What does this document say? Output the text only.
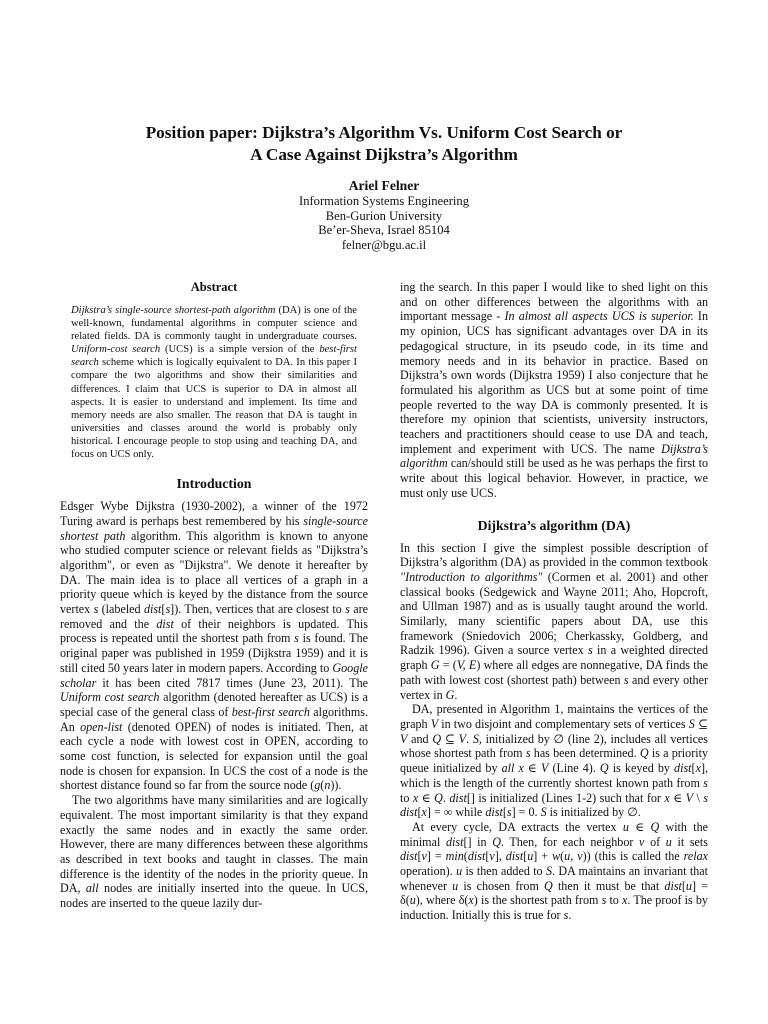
Position paper: Dijkstra’s Algorithm Vs. Uniform Cost Search or
A Case Against Dijkstra’s Algorithm
Ariel Felner
Information Systems Engineering
Ben-Gurion University
Be’er-Sheva, Israel 85104
felner@bgu.ac.il
Abstract

Dijkstra’s single-source shortest-path algorithm (DA) is one of the well-known, fundamental algorithms in computer science and related fields. DA is commonly taught in undergraduate courses. Uniform-cost search (UCS) is a simple version of the best-first search scheme which is logically equivalent to DA. In this paper I compare the two algorithms and show their similarities and differences. I claim that UCS is superior to DA in almost all aspects. It is easier to understand and implement. Its time and memory needs are also smaller. The reason that DA is taught in universities and classes around the world is probably only historical. I encourage people to stop using and teaching DA, and focus on UCS only.

Introduction

Edsger Wybe Dijkstra (1930-2002), a winner of the 1972 Turing award is perhaps best remembered by his single-source shortest path algorithm. This algorithm is known to anyone who studied computer science or relevant fields as "Dijkstra’s algorithm", or even as "Dijkstra". We denote it hereafter by DA. The main idea is to place all vertices of a graph in a priority queue which is keyed by the distance from the source vertex s (labeled dist[s]). Then, vertices that are closest to s are removed and the dist of their neighbors is updated. This process is repeated until the shortest path from s is found. The original paper was published in 1959 (Dijkstra 1959) and it is still cited 50 years later in modern papers. According to Google scholar it has been cited 7817 times (June 23, 2011). The Uniform cost search algorithm (denoted hereafter as UCS) is a special case of the general class of best-first search algorithms. An open-list (denoted OPEN) of nodes is initiated. Then, at each cycle a node with lowest cost in OPEN, according to some cost function, is selected for expansion until the goal node is chosen for expansion. In UCS the cost of a node is the shortest distance found so far from the source node (g(n)).

The two algorithms have many similarities and are logically equivalent. The most important similarity is that they expand exactly the same nodes and in exactly the same order. However, there are many differences between these algorithms as described in text books and taught in classes. The main difference is the identity of the nodes in the priority queue. In DA, all nodes are initially inserted into the queue. In UCS, nodes are inserted to the queue lazily dur-

ing the search. In this paper I would like to shed light on this and on other differences between the algorithms with an important message - In almost all aspects UCS is superior. In my opinion, UCS has significant advantages over DA in its pedagogical structure, in its pseudo code, in its time and memory needs and in its behavior in practice. Based on Dijkstra’s own words (Dijkstra 1959) I also conjecture that he formulated his algorithm as UCS but at some point of time people reverted to the way DA is commonly presented. It is therefore my opinion that scientists, university instructors, teachers and practitioners should cease to use DA and teach, implement and experiment with UCS. The name Dijkstra’s algorithm can/should still be used as he was perhaps the first to write about this logical behavior. However, in practice, we must only use UCS.

Dijkstra’s algorithm (DA)

In this section I give the simplest possible description of Dijkstra’s algorithm (DA) as provided in the common textbook "Introduction to algorithms" (Cormen et al. 2001) and other classical books (Sedgewick and Wayne 2011; Aho, Hopcroft, and Ullman 1987) and as is usually taught around the world. Similarly, many scientific papers about DA, use this framework (Sniedovich 2006; Cherkassky, Goldberg, and Radzik 1996). Given a source vertex s in a weighted directed graph G = (V, E) where all edges are nonnegative, DA finds the path with lowest cost (shortest path) between s and every other vertex in G.

DA, presented in Algorithm 1, maintains the vertices of the graph V in two disjoint and complementary sets of vertices S ⊆ V and Q ⊆ V. S, initialized by ∅ (line 2), includes all vertices whose shortest path from s has been determined. Q is a priority queue initialized by all x ∈ V (Line 4). Q is keyed by dist[x], which is the length of the currently shortest known path from s to x ∈ Q. dist[] is initialized (Lines 1-2) such that for x ∈ V \ s dist[x] = ∞ while dist[s] = 0. S is initialized by ∅.

At every cycle, DA extracts the vertex u ∈ Q with the minimal dist[] in Q. Then, for each neighbor v of u it sets dist[v] = min(dist[v], dist[u] + w(u, v)) (this is called the relax operation). u is then added to S. DA maintains an invariant that whenever u is chosen from Q then it must be that dist[u] = δ(u), where δ(x) is the shortest path from s to x. The proof is by induction. Initially this is true for s.
